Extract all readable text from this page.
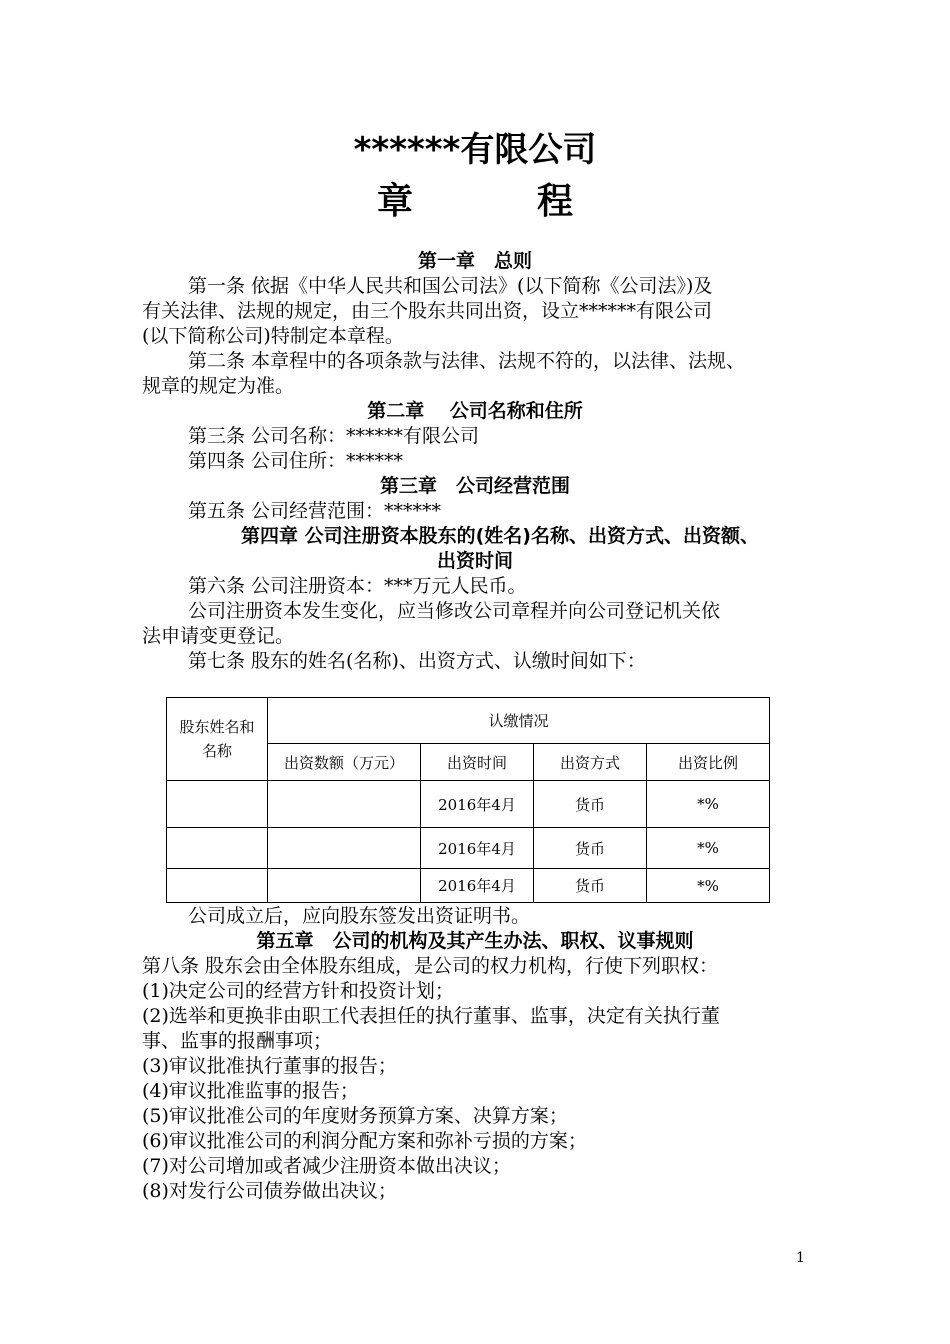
******有限公司
章　程
第一章　总则
第一条 依据《中华人民共和国公司法》(以下简称《公司法》)及
有关法律、法规的规定，由三个股东共同出资，设立******有限公司
(以下简称公司)特制定本章程。
第二条 本章程中的各项条款与法律、法规不符的，以法律、法规、
规章的规定为准。
第二章　 公司名称和住所
第三条 公司名称：******有限公司
第四条 公司住所：******
第三章　公司经营范围
第五条 公司经营范围：******
第四章 公司注册资本股东的(姓名)名称、出资方式、出资额、
出资时间
第六条 公司注册资本：***万元人民币。
公司注册资本发生变化，应当修改公司章程并向公司登记机关依
法申请变更登记。
第七条 股东的姓名(名称)、出资方式、认缴时间如下：
股东姓名和
名称	认缴情况			
	出资数额（万元）	出资时间	出资方式	出资比例
		2016年4月	货币	*%
		2016年4月	货币	*%
		2016年4月	货币	*%
公司成立后，应向股东签发出资证明书。
第五章　公司的机构及其产生办法、职权、议事规则
第八条 股东会由全体股东组成，是公司的权力机构，行使下列职权：
(1)决定公司的经营方针和投资计划；
(2)选举和更换非由职工代表担任的执行董事、监事，决定有关执行董
事、监事的报酬事项；
(3)审议批准执行董事的报告；
(4)审议批准监事的报告；
(5)审议批准公司的年度财务预算方案、决算方案；
(6)审议批准公司的利润分配方案和弥补亏损的方案；
(7)对公司增加或者减少注册资本做出决议；
(8)对发行公司债券做出决议；
1
